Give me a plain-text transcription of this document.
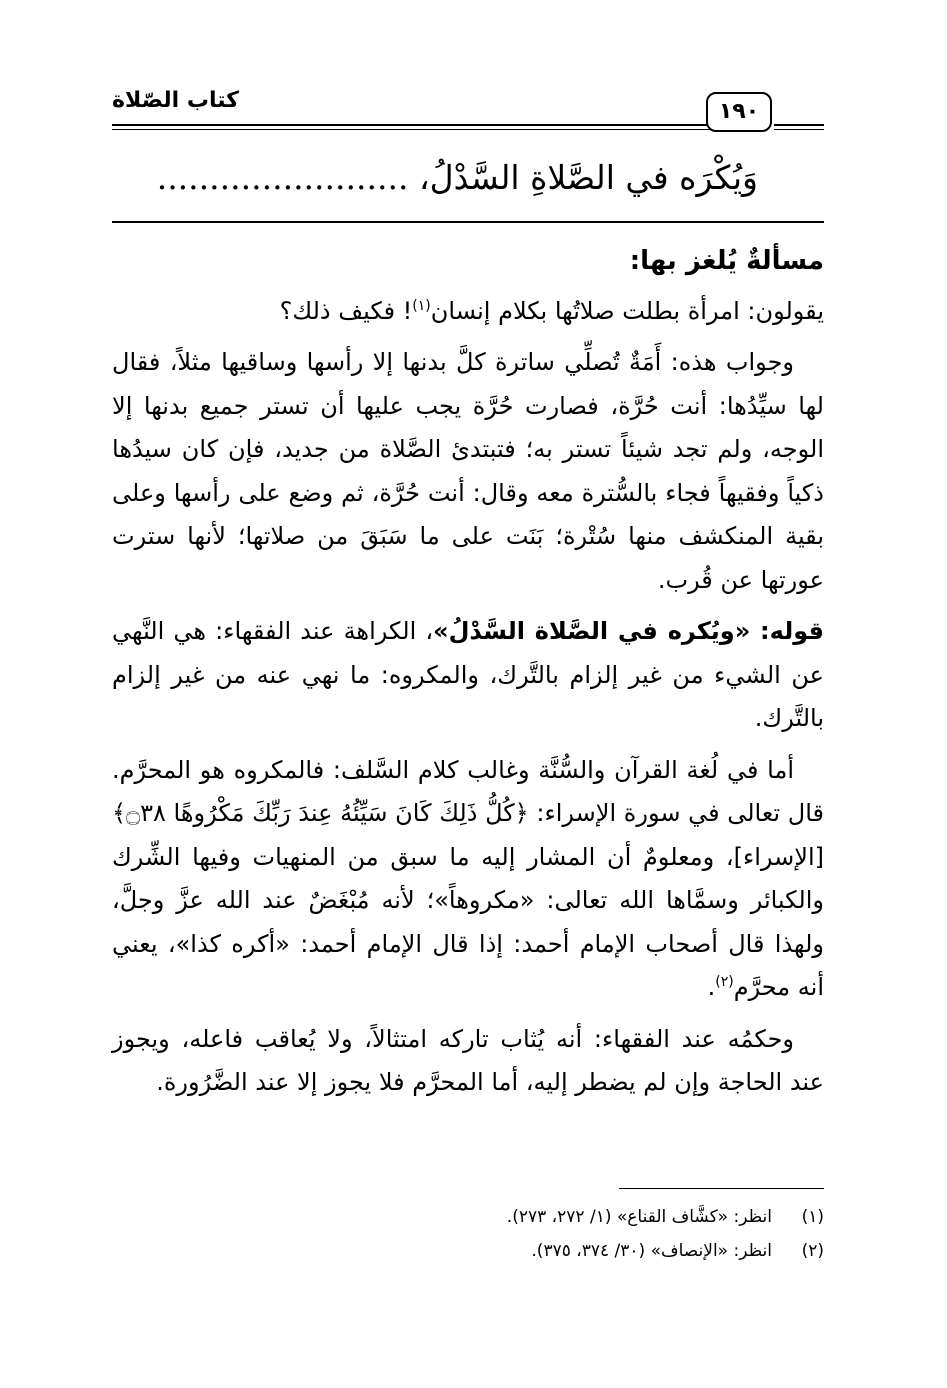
كتاب الصّلاة	١٩٠
وَيُكْرَه في الصَّلاةِ السَّدْلُ، ........................

مسألةٌ يُلغز بها:

يقولون: امرأة بطلت صلاتُها بكلام إنسان$^{(١)}$! فكيف ذلك؟

وجواب هذه: أَمَةٌ تُصلِّي ساترة كلَّ بدنها إلا رأسها وساقيها مثلاً، فقال لها سيِّدُها: أنت حُرَّة، فصارت حُرَّة يجب عليها أن تستر جميع بدنها إلا الوجه، ولم تجد شيئاً تستر به؛ فتبتدئ الصَّلاة من جديد، فإن كان سيدُها ذكياً وفقيهاً فجاء بالسُّترة معه وقال: أنت حُرَّة، ثم وضع على رأسها وعلى بقية المنكشف منها سُتْرة؛ بَنَت على ما سَبَقَ من صلاتها؛ لأنها سترت عورتها عن قُرب.

قوله: «ويُكره في الصَّلاة السَّدْلُ»، الكراهة عند الفقهاء: هي النَّهي عن الشيء من غير إلزام بالتَّرك، والمكروه: ما نهي عنه من غير إلزام بالتَّرك.

أما في لُغة القرآن والسُّنَّة وغالب كلام السَّلف: فالمكروه هو المحرَّم. قال تعالى في سورة الإسراء: ﴿كُلُّ ذَلِكَ كَانَ سَيِّئُهُ عِندَ رَبِّكَ مَكْرُوهًا ۝٣٨﴾ [الإسراء]، ومعلومٌ أن المشار إليه ما سبق من المنهيات وفيها الشِّرك والكبائر وسمَّاها الله تعالى: «مكروهاً»؛ لأنه مُبْغَضٌ عند الله عزَّ وجلَّ، ولهذا قال أصحاب الإمام أحمد: إذا قال الإمام أحمد: «أكره كذا»، يعني أنه محرَّم$^{(٢)}$.

وحكمُه عند الفقهاء: أنه يُثاب تاركه امتثالاً، ولا يُعاقب فاعله، ويجوز عند الحاجة وإن لم يضطر إليه، أما المحرَّم فلا يجوز إلا عند الضَّرُورة.

(١)انظر: «كشَّاف القناع» (١/ ٢٧٢، ٢٧٣).
(٢)انظر: «الإنصاف» (٣٠/ ٣٧٤، ٣٧٥).
